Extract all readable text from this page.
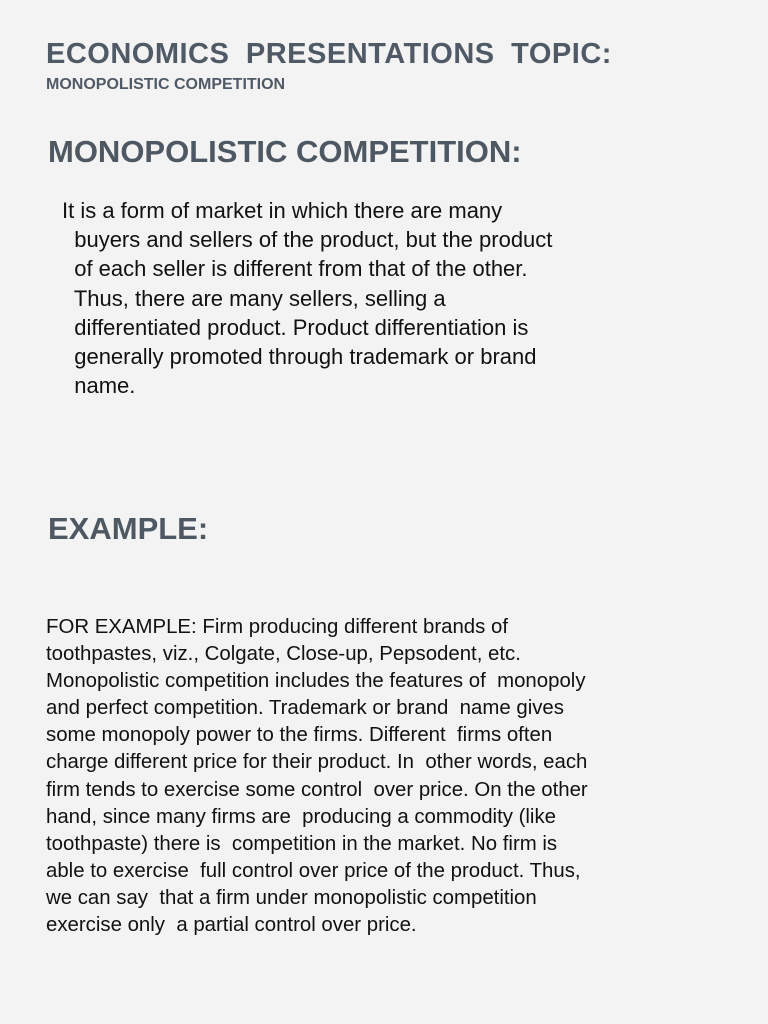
ECONOMICS PRESENTATIONS TOPIC:
MONOPOLISTIC COMPETITION
MONOPOLISTIC COMPETITION:
It is a form of market in which there are many
buyers and sellers of the product, but the product
of each seller is different from that of the other.
Thus, there are many sellers, selling a
differentiated product. Product differentiation is
generally promoted through trademark or brand
name.
EXAMPLE:
FOR EXAMPLE: Firm producing different brands of
toothpastes, viz., Colgate, Close-up, Pepsodent, etc.
Monopolistic competition includes the features of  monopoly
and perfect competition. Trademark or brand  name gives
some monopoly power to the firms. Different  firms often
charge different price for their product. In  other words, each
firm tends to exercise some control  over price. On the other
hand, since many firms are  producing a commodity (like
toothpaste) there is  competition in the market. No firm is
able to exercise  full control over price of the product. Thus,
we can say  that a firm under monopolistic competition
exercise only  a partial control over price.
